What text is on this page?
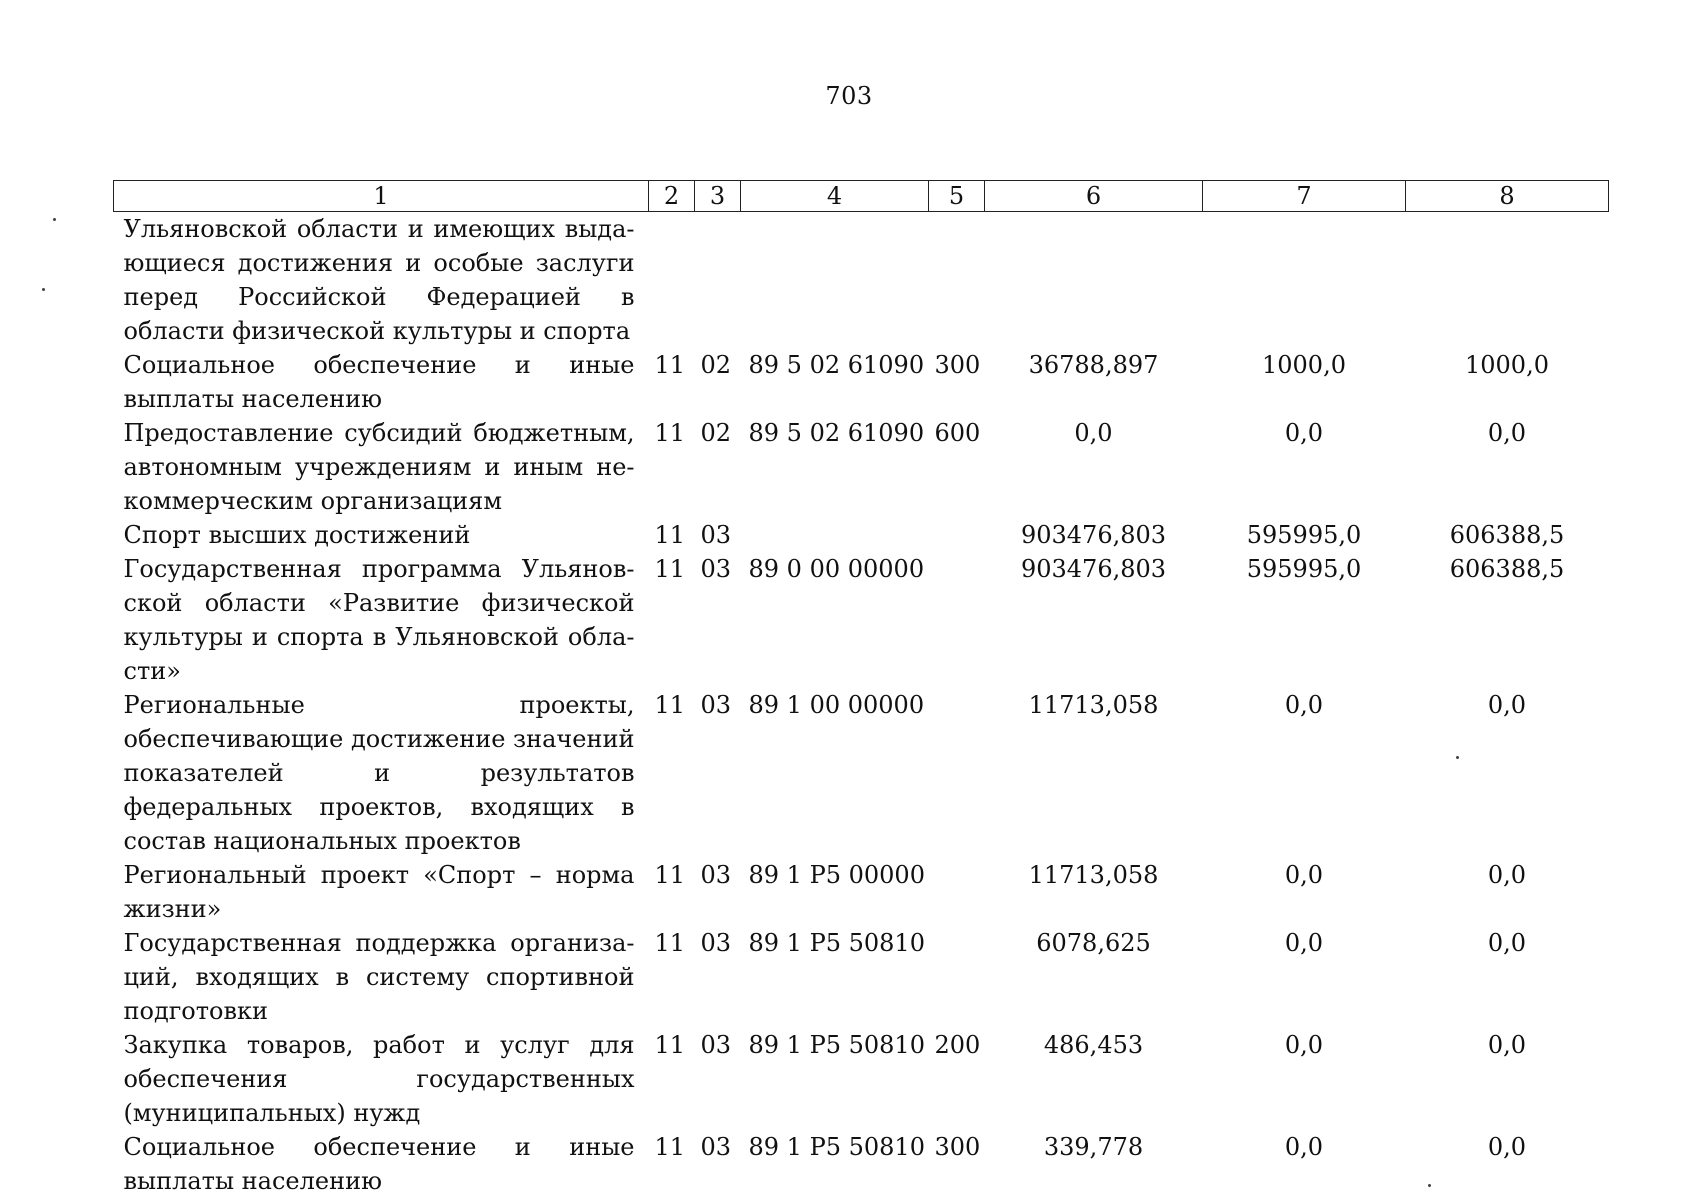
703
1	2	3	4	5	6	7	8
Ульяновской области и имеющих выдающиеся достижения и особые заслуги перед Российской Федерацией в области физической культуры и спорта							
Социальное обеспечение и иные выплаты населению	11	02	89 5 02 61090	300	36788,897	1000,0	1000,0
Предоставление субсидий бюджетным, автономным учреждениям и иным некоммерческим организациям	11	02	89 5 02 61090	600	0,0	0,0	0,0
Спорт высших достижений	11	03			903476,803	595995,0	606388,5
Государственная программа Ульяновской области «Развитие физической культуры и спорта в Ульяновской области»	11	03	89 0 00 00000		903476,803	595995,0	606388,5
Региональные проекты, обеспечивающие достижение значений показателей и результатов федеральных проектов, входящих в состав национальных проектов	11	03	89 1 00 00000		11713,058	0,0	0,0
Региональный проект «Спорт – норма жизни»	11	03	89 1 P5 00000		11713,058	0,0	0,0
Государственная поддержка организаций, входящих в систему спортивной подготовки	11	03	89 1 P5 50810		6078,625	0,0	0,0
Закупка товаров, работ и услуг для обеспечения государственных (муниципальных) нужд	11	03	89 1 P5 50810	200	486,453	0,0	0,0
Социальное обеспечение и иные выплаты населению	11	03	89 1 P5 50810	300	339,778	0,0	0,0
